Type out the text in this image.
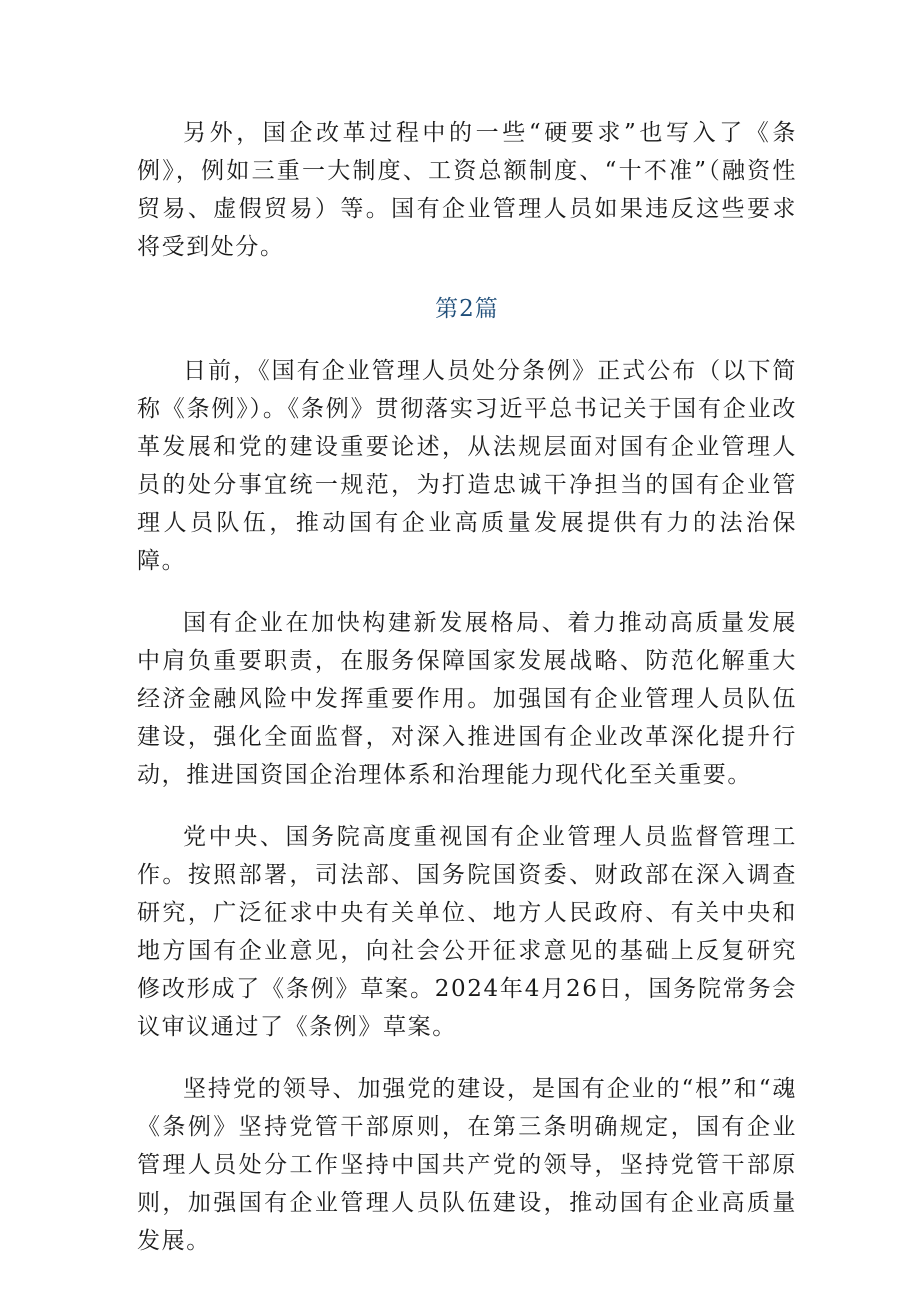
另外，国企改革过程中的一些“硬要求”也写入了《条例》，例如三重一大制度、工资总额制度、“十不准”（融资性贸易、虚假贸易）等。国有企业管理人员如果违反这些要求将受到处分。

第2篇

日前，《国有企业管理人员处分条例》正式公布（以下简称《条例》）。《条例》贯彻落实习近平总书记关于国有企业改革发展和党的建设重要论述，从法规层面对国有企业管理人员的处分事宜统一规范，为打造忠诚干净担当的国有企业管理人员队伍，推动国有企业高质量发展提供有力的法治保障。

国有企业在加快构建新发展格局、着力推动高质量发展中肩负重要职责，在服务保障国家发展战略、防范化解重大经济金融风险中发挥重要作用。加强国有企业管理人员队伍建设，强化全面监督，对深入推进国有企业改革深化提升行动，推进国资国企治理体系和治理能力现代化至关重要。

党中央、国务院高度重视国有企业管理人员监督管理工作。按照部署，司法部、国务院国资委、财政部在深入调查研究，广泛征求中央有关单位、地方人民政府、有关中央和地方国有企业意见，向社会公开征求意见的基础上反复研究修改形成了《条例》草案。2024年4月26日，国务院常务会议审议通过了《条例》草案。

坚持党的领导、加强党的建设，是国有企业的“根”和“魂《条例》坚持党管干部原则，在第三条明确规定，国有企业管理人员处分工作坚持中国共产党的领导，坚持党管干部原则，加强国有企业管理人员队伍建设，推动国有企业高质量发展。
